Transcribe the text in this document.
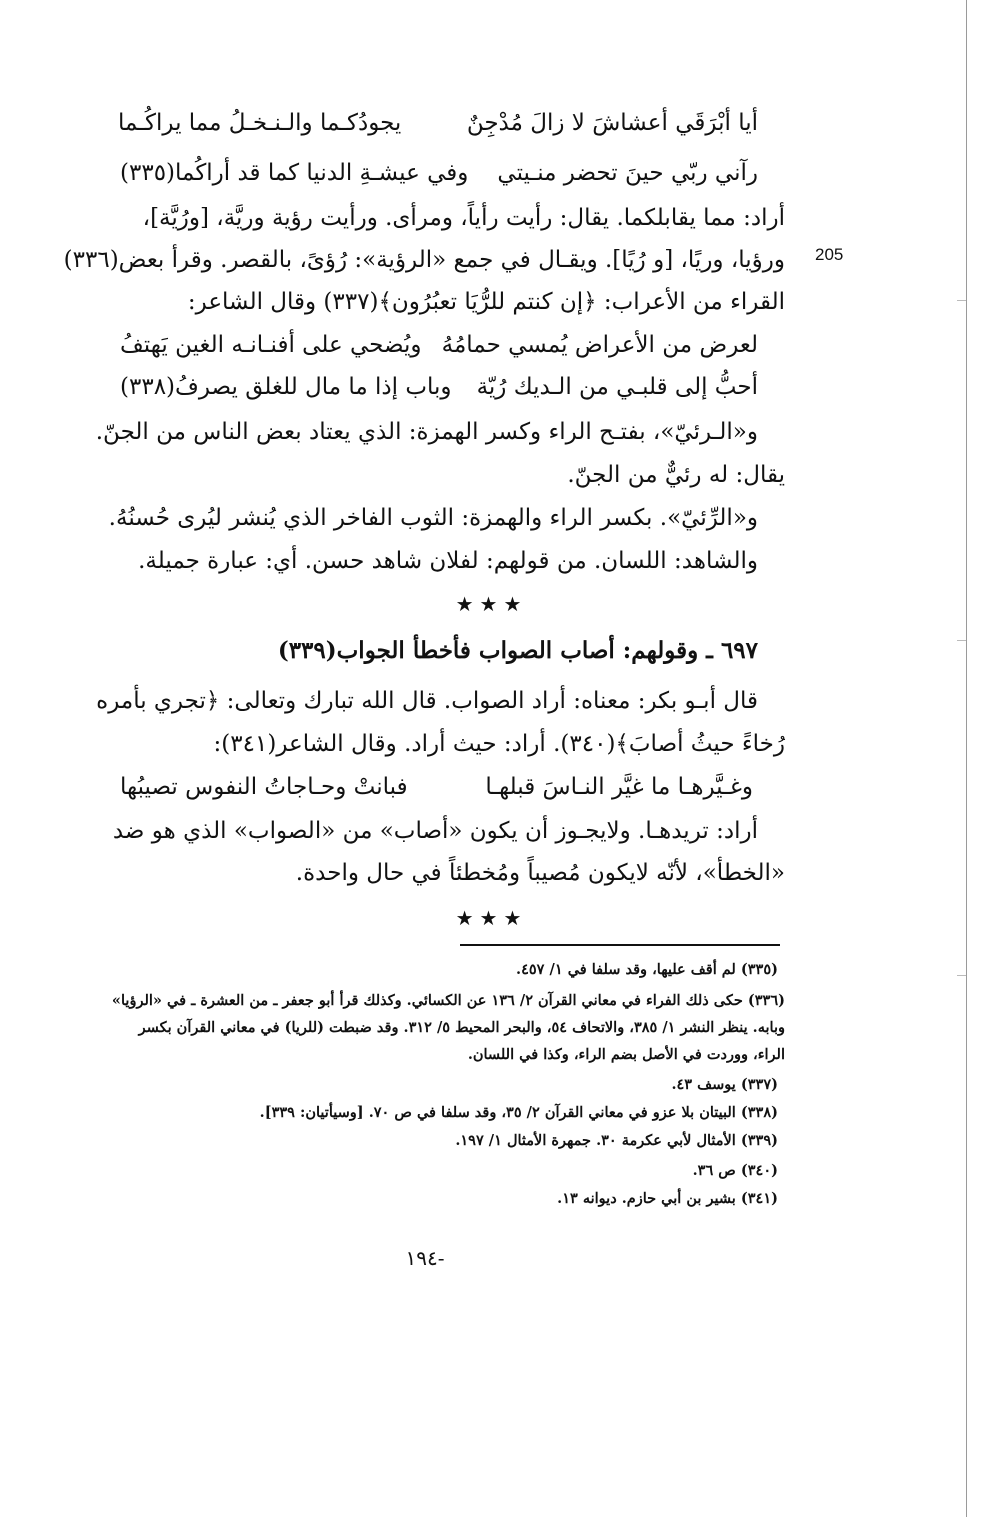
أيا أبْرَقَي أعشاشَ لا زالَ مُدْجِنٌ
يجودُكـما والـنـخـلُ مما يراكُـما
رآني ربّي حينَ تحضر منـيتي
وفي عيشـةِ الدنيا كما قد أراكُما(٣٣٥)
أراد: مما يقابلكما. يقال: رأيت رأياً، ومرأى. ورأيت رؤية وريَّة، [ورُيَّة]،
ورؤيا، وريًا، [و رُيًا]. ويقـال في جمع «الرؤية»: رُؤىً، بالقصر. وقرأ بعض(٣٣٦) 205
القراء من الأعراب: ﴿إن كنتم للرُّيَا تعبُرُون﴾(٣٣٧) وقال الشاعر:
لعرض من الأعراض يُمسي حمامُهُ
ويُضحي على أفنـانـه الغين يَهتفُ
أحبُّ إلى قلبـي من الـديك رُيّة
وباب إذا ما مال للغلق يصرفُ(٣٣٨)
و«الـرئيّ»، بفتـح الراء وكسر الهمزة: الذي يعتاد بعض الناس من الجنّ.
يقال: له رئيٌّ من الجنّ.
و«الرِّئيّ». بكسر الراء والهمزة: الثوب الفاخر الذي يُنشر ليُرى حُسنُهُ.
والشاهد: اللسان. من قولهم: لفلان شاهد حسن. أي: عبارة جميلة.
★★★
٦٩٧ ـ وقولهم: أصاب الصواب فأخطأ الجواب(٣٣٩)
قال أبـو بكر: معناه: أراد الصواب. قال الله تبارك وتعالى: ﴿تجري بأمره
رُخاءً حيثُ أصابَ﴾(٣٤٠). أراد: حيث أراد. وقال الشاعر(٣٤١):
وغـيَّرهـا ما غيَّر النـاسَ قبلهـا
فبانتْ وحـاجاتُ النفوس تصيبُها
أراد: تريدهـا. ولايجـوز أن يكون «أصاب» من «الصواب» الذي هو ضد
«الخطأ»، لأنّه لايكون مُصيباً ومُخطئاً في حال واحدة.
★★★
(٣٣٥) لم أقف عليها، وقد سلفا في ١/ ٤٥٧.
(٣٣٦) حكى ذلك الفراء في معاني القرآن ٢/ ١٣٦ عن الكسائي. وكذلك قرأ أبو جعفر ـ من العشرة ـ في «الرؤيا»
وبابه. ينظر النشر ١/ ٣٨٥، والاتحاف ٥٤، والبحر المحيط ٥/ ٣١٢. وقد ضبطت (للريا) في معاني القرآن بكسر
الراء، ووردت في الأصل بضم الراء، وكذا في اللسان.
(٣٣٧) يوسف ٤٣.
(٣٣٨) البيتان بلا عزو في معاني القرآن ٢/ ٣٥، وقد سلفا في ص ٧٠. [وسيأتيان: ٣٣٩].
(٣٣٩) الأمثال لأبي عكرمة ٣٠. جمهرة الأمثال ١/ ١٩٧.
(٣٤٠) ص ٣٦.
(٣٤١) بشير بن أبي حازم. ديوانه ١٣.
-١٩٤
